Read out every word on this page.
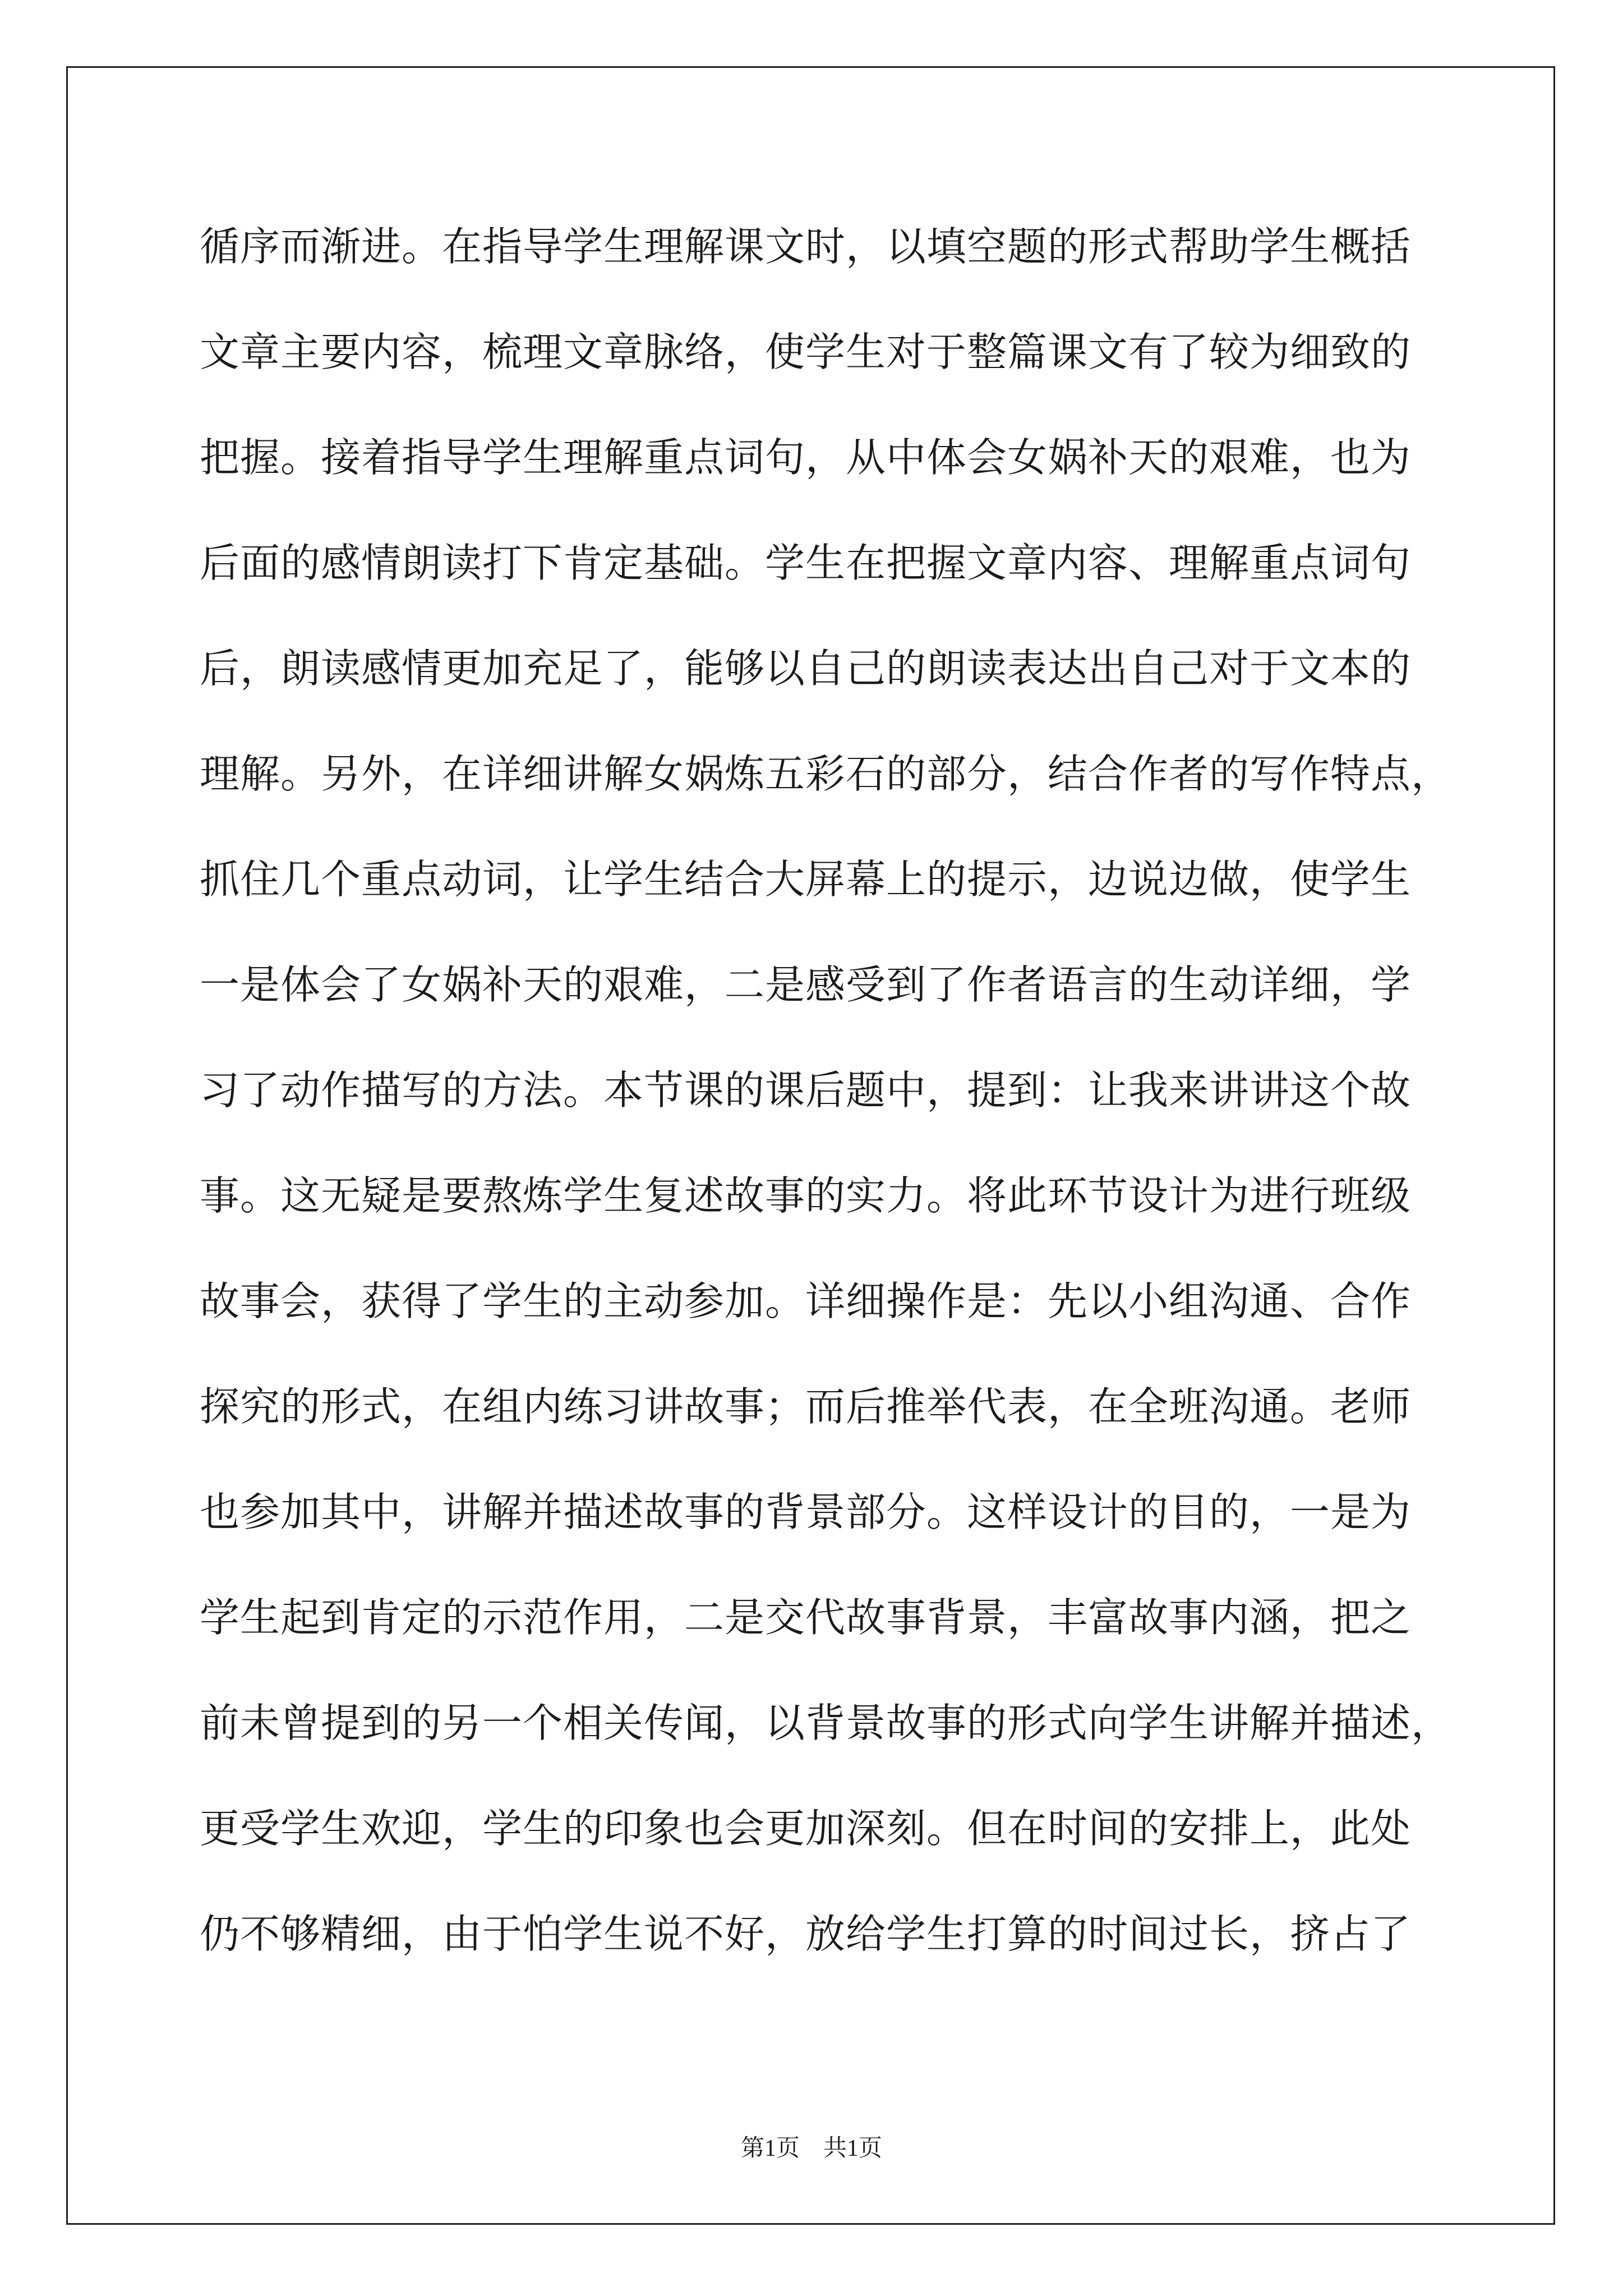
循序而渐进。在指导学生理解课文时，以填空题的形式帮助学生概括
文章主要内容，梳理文章脉络，使学生对于整篇课文有了较为细致的
把握。接着指导学生理解重点词句，从中体会女娲补天的艰难，也为
后面的感情朗读打下肯定基础。学生在把握文章内容、理解重点词句
后，朗读感情更加充足了，能够以自己的朗读表达出自己对于文本的
理解。另外，在详细讲解女娲炼五彩石的部分，结合作者的写作特点，
抓住几个重点动词，让学生结合大屏幕上的提示，边说边做，使学生
一是体会了女娲补天的艰难，二是感受到了作者语言的生动详细，学
习了动作描写的方法。本节课的课后题中，提到：让我来讲讲这个故
事。这无疑是要熬炼学生复述故事的实力。将此环节设计为进行班级
故事会，获得了学生的主动参加。详细操作是：先以小组沟通、合作
探究的形式，在组内练习讲故事；而后推举代表，在全班沟通。老师
也参加其中，讲解并描述故事的背景部分。这样设计的目的，一是为
学生起到肯定的示范作用，二是交代故事背景，丰富故事内涵，把之
前未曾提到的另一个相关传闻，以背景故事的形式向学生讲解并描述，
更受学生欢迎，学生的印象也会更加深刻。但在时间的安排上，此处
仍不够精细，由于怕学生说不好，放给学生打算的时间过长，挤占了
第1页　共1页
